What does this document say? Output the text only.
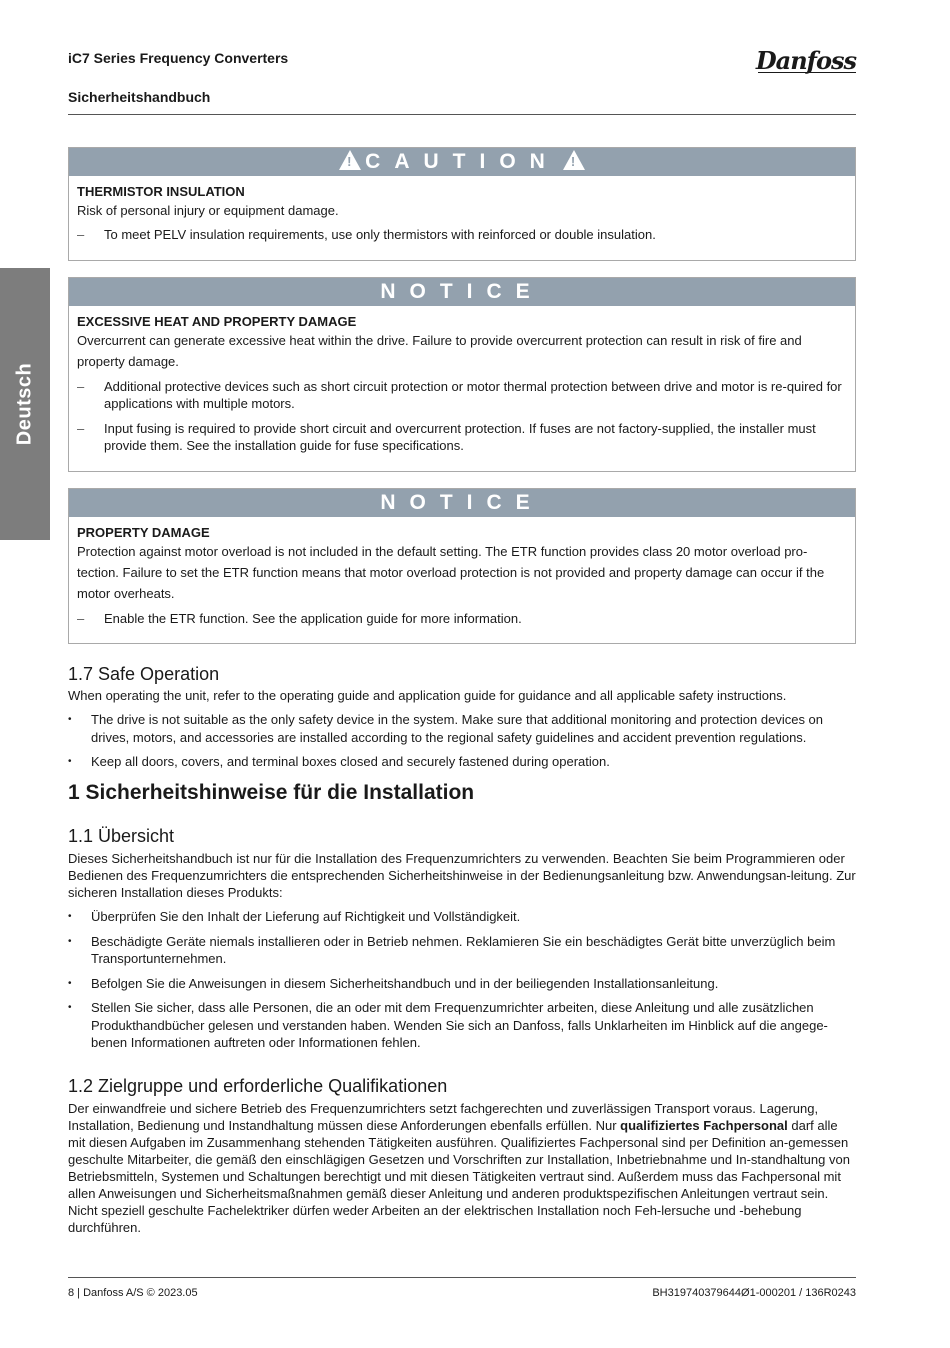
iC7 Series Frequency Converters	Danfoss
Sicherheitshandbuch
Deutsch
!CAUTION!
THERMISTOR INSULATION
Risk of personal injury or equipment damage.
– To meet PELV insulation requirements, use only thermistors with reinforced or double insulation.
NOTICE
EXCESSIVE HEAT AND PROPERTY DAMAGE
Overcurrent can generate excessive heat within the drive. Failure to provide overcurrent protection can result in risk of fire and property damage.
– Additional protective devices such as short circuit protection or motor thermal protection between drive and motor is re-quired for applications with multiple motors.
– Input fusing is required to provide short circuit and overcurrent protection. If fuses are not factory-supplied, the installer must provide them. See the installation guide for fuse specifications.
NOTICE
PROPERTY DAMAGE
Protection against motor overload is not included in the default setting. The ETR function provides class 20 motor overload pro-tection. Failure to set the ETR function means that motor overload protection is not provided and property damage can occur if the motor overheats.
– Enable the ETR function. See the application guide for more information.
1.7 Safe Operation
When operating the unit, refer to the operating guide and application guide for guidance and all applicable safety instructions.
• The drive is not suitable as the only safety device in the system. Make sure that additional monitoring and protection devices on drives, motors, and accessories are installed according to the regional safety guidelines and accident prevention regulations.
• Keep all doors, covers, and terminal boxes closed and securely fastened during operation.
1 Sicherheitshinweise für die Installation
1.1 Übersicht
Dieses Sicherheitshandbuch ist nur für die Installation des Frequenzumrichters zu verwenden. Beachten Sie beim Programmieren oder Bedienen des Frequenzumrichters die entsprechenden Sicherheitshinweise in der Bedienungsanleitung bzw. Anwendungsan-leitung. Zur sicheren Installation dieses Produkts:
• Überprüfen Sie den Inhalt der Lieferung auf Richtigkeit und Vollständigkeit.
• Beschädigte Geräte niemals installieren oder in Betrieb nehmen. Reklamieren Sie ein beschädigtes Gerät bitte unverzüglich beim Transportunternehmen.
• Befolgen Sie die Anweisungen in diesem Sicherheitshandbuch und in der beiliegenden Installationsanleitung.
• Stellen Sie sicher, dass alle Personen, die an oder mit dem Frequenzumrichter arbeiten, diese Anleitung und alle zusätzlichen Produkthandbücher gelesen und verstanden haben. Wenden Sie sich an Danfoss, falls Unklarheiten im Hinblick auf die angege-benen Informationen auftreten oder Informationen fehlen.
1.2 Zielgruppe und erforderliche Qualifikationen
Der einwandfreie und sichere Betrieb des Frequenzumrichters setzt fachgerechten und zuverlässigen Transport voraus. Lagerung, Installation, Bedienung und Instandhaltung müssen diese Anforderungen ebenfalls erfüllen. Nur qualifiziertes Fachpersonal darf alle mit diesen Aufgaben im Zusammenhang stehenden Tätigkeiten ausführen. Qualifiziertes Fachpersonal sind per Definition an-gemessen geschulte Mitarbeiter, die gemäß den einschlägigen Gesetzen und Vorschriften zur Installation, Inbetriebnahme und In-standhaltung von Betriebsmitteln, Systemen und Schaltungen berechtigt und mit diesen Tätigkeiten vertraut sind. Außerdem muss das Fachpersonal mit allen Anweisungen und Sicherheitsmaßnahmen gemäß dieser Anleitung und anderen produktspezifischen Anleitungen vertraut sein. Nicht speziell geschulte Fachelektriker dürfen weder Arbeiten an der elektrischen Installation noch Feh-lersuche und -behebung durchführen.
8 | Danfoss A/S © 2023.05	BH319740379644Ø1-000201 / 136R0243
